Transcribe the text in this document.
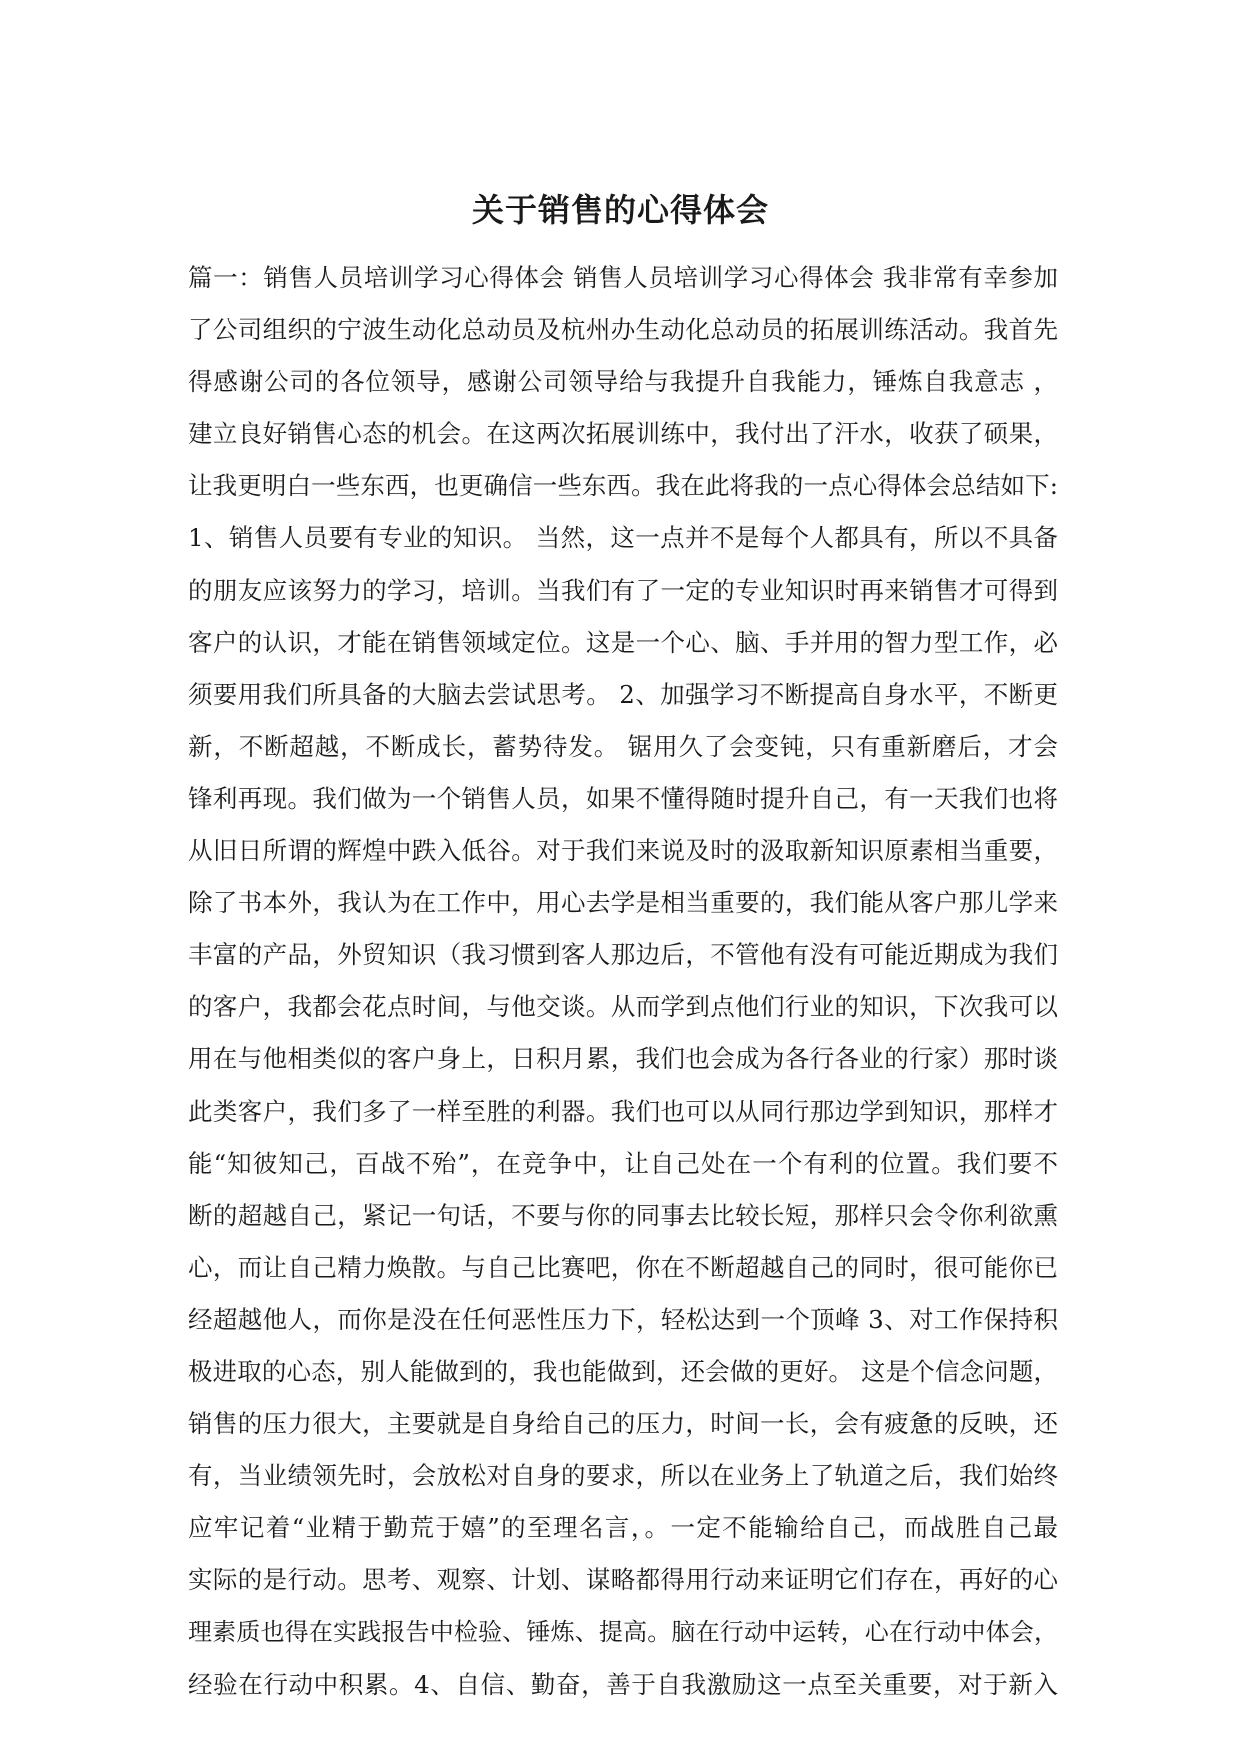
关于销售的心得体会
篇一：销售人员培训学习心得体会 销售人员培训学习心得体会 我非常有幸参加
了公司组织的宁波生动化总动员及杭州办生动化总动员的拓展训练活动。我首先
得感谢公司的各位领导，感谢公司领导给与我提升自我能力，锤炼自我意志 ，
建立良好销售心态的机会。在这两次拓展训练中，我付出了汗水，收获了硕果，
让我更明白一些东西，也更确信一些东西。我在此将我的一点心得体会总结如下:
1、销售人员要有专业的知识。 当然，这一点并不是每个人都具有，所以不具备
的朋友应该努力的学习，培训。当我们有了一定的专业知识时再来销售才可得到
客户的认识，才能在销售领域定位。这是一个心、脑、手并用的智力型工作，必
须要用我们所具备的大脑去尝试思考。 2、加强学习不断提高自身水平，不断更
新，不断超越，不断成长，蓄势待发。 锯用久了会变钝，只有重新磨后，才会
锋利再现。我们做为一个销售人员，如果不懂得随时提升自己，有一天我们也将
从旧日所谓的辉煌中跌入低谷。对于我们来说及时的汲取新知识原素相当重要，
除了书本外，我认为在工作中，用心去学是相当重要的，我们能从客户那儿学来
丰富的产品，外贸知识（我习惯到客人那边后，不管他有没有可能近期成为我们
的客户，我都会花点时间，与他交谈。从而学到点他们行业的知识，下次我可以
用在与他相类似的客户身上，日积月累，我们也会成为各行各业的行家）那时谈
此类客户，我们多了一样至胜的利器。我们也可以从同行那边学到知识，那样才
能“知彼知己，百战不殆”，在竞争中，让自己处在一个有利的位置。我们要不
断的超越自己，紧记一句话，不要与你的同事去比较长短，那样只会令你利欲熏
心，而让自己精力焕散。与自己比赛吧，你在不断超越自己的同时，很可能你已
经超越他人，而你是没在任何恶性压力下，轻松达到一个顶峰 3、对工作保持积
极进取的心态，别人能做到的，我也能做到，还会做的更好。 这是个信念问题，
销售的压力很大，主要就是自身给自己的压力，时间一长，会有疲惫的反映，还
有，当业绩领先时，会放松对自身的要求，所以在业务上了轨道之后，我们始终
应牢记着“业精于勤荒于嬉”的至理名言，。一定不能输给自己，而战胜自己最
实际的是行动。思考、观察、计划、谋略都得用行动来证明它们存在，再好的心
理素质也得在实践报告中检验、锤炼、提高。脑在行动中运转，心在行动中体会，
经验在行动中积累。4、自信、勤奋，善于自我激励这一点至关重要，对于新入
